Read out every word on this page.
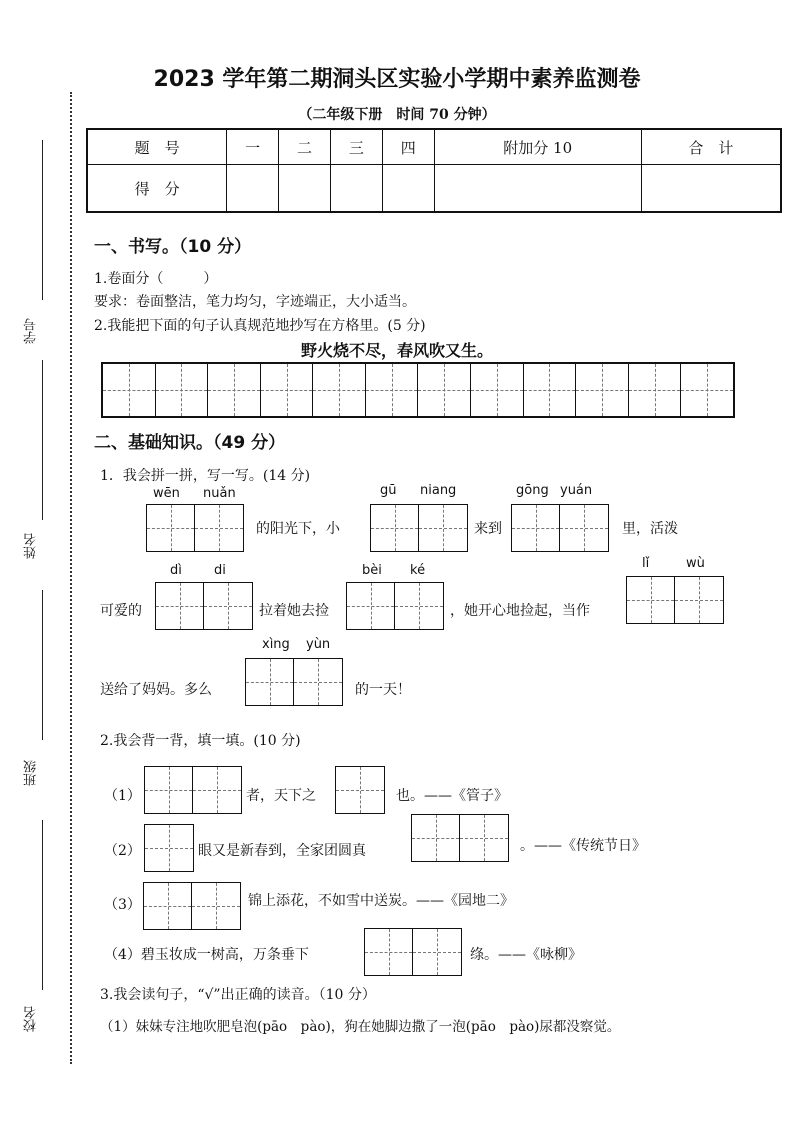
学号
姓名
班级
校名
2023 学年第二期洞头区实验小学期中素养监测卷
（二年级下册　时间 70 分钟）
题　号	一	二	三	四	附加分 10	合　计
得　分						
一、书写。（10 分）
1.卷面分（	）
要求：卷面整洁，笔力均匀，字迹端正，大小适当。
2.我能把下面的句子认真规范地抄写在方格里。(5 分)
野火烧不尽，春风吹又生。
二、基础知识。（49 分）
1．我会拼一拼，写一写。(14 分)
wēn nuǎn
的阳光下，小
gū niang
来到
gōng yuán
里，活泼
dì di
可爱的	拉着她去捡
bèi ké
，她开心地捡起，当作
lǐ	wù
xìng yùn
送给了妈妈。多么	的一天！
2.我会背一背，填一填。(10 分)
（1）	者，天下之	也。——《管子》
（2）	眼又是新春到，全家团圆真	。——《传统节日》
（3）	锦上添花，不如雪中送炭。——《园地二》
（4）碧玉妆成一树高，万条垂下	绦。——《咏柳》
3.我会读句子，“√”出正确的读音。（10 分）
（1）妹妹专注地吹肥皂泡(pāo　pào)，狗在她脚边撒了一泡(pāo　pào)尿都没察觉。
